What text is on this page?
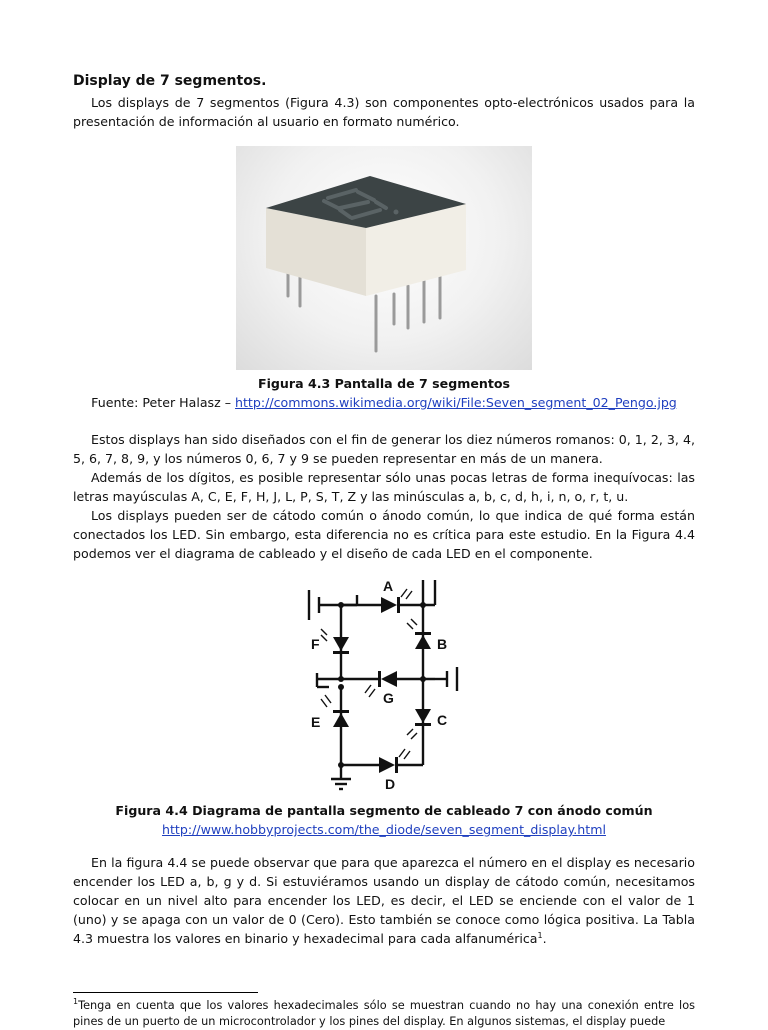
Display de 7 segmentos.

Los displays de 7 segmentos (Figura 4.3) son componentes opto-electrónicos usados para la presentación de información al usuario en formato numérico.

Figura 4.3 Pantalla de 7 segmentos

Fuente: Peter Halasz – http://commons.wikimedia.org/wiki/File:Seven_segment_02_Pengo.jpg

Estos displays han sido diseñados con el fin de generar los diez números romanos: 0, 1, 2, 3, 4, 5, 6, 7, 8, 9, y los números 0, 6, 7 y 9 se pueden representar en más de un manera.

Además de los dígitos, es posible representar sólo unas pocas letras de forma inequívocas: las letras mayúsculas A, C, E, F, H, J, L, P, S, T, Z y las minúsculas a, b, c, d, h, i, n, o, r, t, u.

Los displays pueden ser de cátodo común o ánodo común, lo que indica de qué forma están conectados los LED. Sin embargo, esta diferencia no es crítica para este estudio. En la Figura 4.4 podemos ver el diagrama de cableado y el diseño de cada LED en el componente.

A
F	B
G
E	C
D

Figura 4.4 Diagrama de pantalla segmento de cableado 7 con ánodo común

http://www.hobbyprojects.com/the_diode/seven_segment_display.html

En la figura 4.4 se puede observar que para que aparezca el número en el display es necesario encender los LED a, b, g y d. Si estuviéramos usando un display de cátodo común, necesitamos colocar en un nivel alto para encender los LED, es decir, el LED se enciende con el valor de 1 (uno) y se apaga con un valor de 0 (Cero). Esto también se conoce como lógica positiva. La Tabla 4.3 muestra los valores en binario y hexadecimal para cada alfanumérica$^1$.

$^1$Tenga en cuenta que los valores hexadecimales sólo se muestran cuando no hay una conexión entre los pines de un puerto de un microcontrolador y los pines del display. En algunos sistemas, el display puede
